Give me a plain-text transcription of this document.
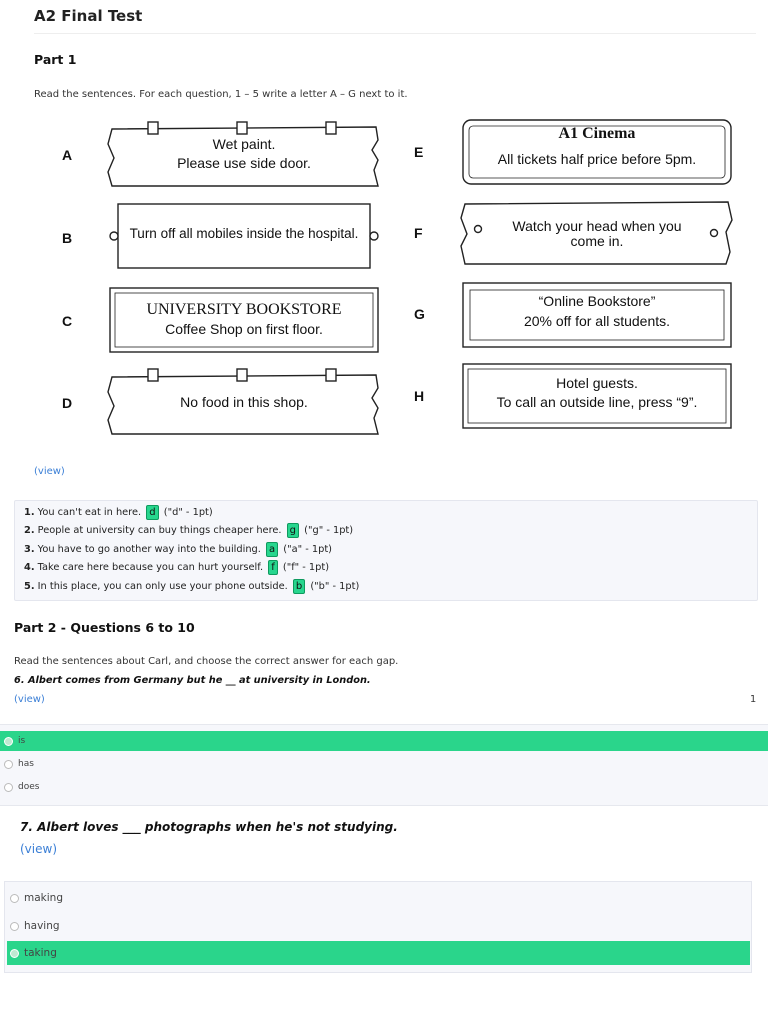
A2 Final Test
Part 1
Read the sentences. For each question, 1 – 5 write a letter A – G next to it.
A
B
C
D
E
F
G
H
Wet paint.
Please use side door.
Turn off all mobiles inside the hospital.
UNIVERSITY BOOKSTORE
Coffee Shop on first floor.
No food in this shop.
A1 Cinema
All tickets half price before 5pm.
Watch your head when you
come in.
“Online Bookstore”
20% off for all students.
Hotel guests.
To call an outside line, press “9”.
(view)
1. You can't eat in here. d ("d" - 1pt)
2. People at university can buy things cheaper here. g ("g" - 1pt)
3. You have to go another way into the building. a ("a" - 1pt)
4. Take care here because you can hurt yourself. f ("f" - 1pt)
5. In this place, you can only use your phone outside. b ("b" - 1pt)
Part 2 - Questions 6 to 10
Read the sentences about Carl, and choose the correct answer for each gap.
6. Albert comes from Germany but he __ at university in London.
(view)	1
is
has
does
7. Albert loves ___ photographs when he's not studying.
(view)
making
having
taking
